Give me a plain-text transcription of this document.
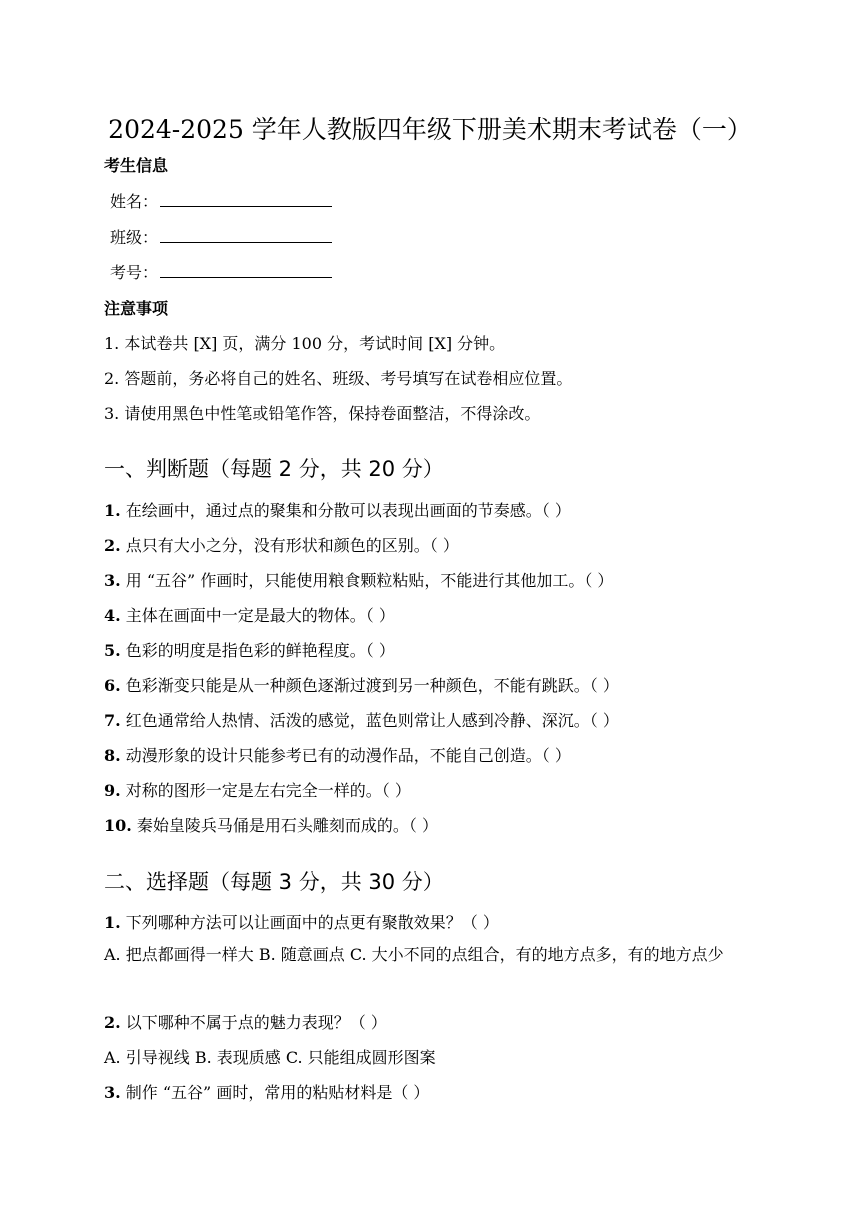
2024-2025 学年人教版四年级下册美术期末考试卷（一）
考生信息
姓名：
班级：
考号：
注意事项
1. 本试卷共 [X] 页，满分 100 分，考试时间 [X] 分钟。
2. 答题前，务必将自己的姓名、班级、考号填写在试卷相应位置。
3. 请使用黑色中性笔或铅笔作答，保持卷面整洁，不得涂改。
一、判断题（每题 2 分，共 20 分）
1. 在绘画中，通过点的聚集和分散可以表现出画面的节奏感。（ ）
2. 点只有大小之分，没有形状和颜色的区别。（ ）
3. 用 “五谷” 作画时，只能使用粮食颗粒粘贴，不能进行其他加工。（ ）
4. 主体在画面中一定是最大的物体。（ ）
5. 色彩的明度是指色彩的鲜艳程度。（ ）
6. 色彩渐变只能是从一种颜色逐渐过渡到另一种颜色，不能有跳跃。（ ）
7. 红色通常给人热情、活泼的感觉，蓝色则常让人感到冷静、深沉。（ ）
8. 动漫形象的设计只能参考已有的动漫作品，不能自己创造。（ ）
9. 对称的图形一定是左右完全一样的。（ ）
10. 秦始皇陵兵马俑是用石头雕刻而成的。（ ）
二、选择题（每题 3 分，共 30 分）
1. 下列哪种方法可以让画面中的点更有聚散效果？（ ）
A. 把点都画得一样大 B. 随意画点 C. 大小不同的点组合，有的地方点多，有的地方点少
2. 以下哪种不属于点的魅力表现？（ ）
A. 引导视线 B. 表现质感 C. 只能组成圆形图案
3. 制作 “五谷” 画时，常用的粘贴材料是（ ）
